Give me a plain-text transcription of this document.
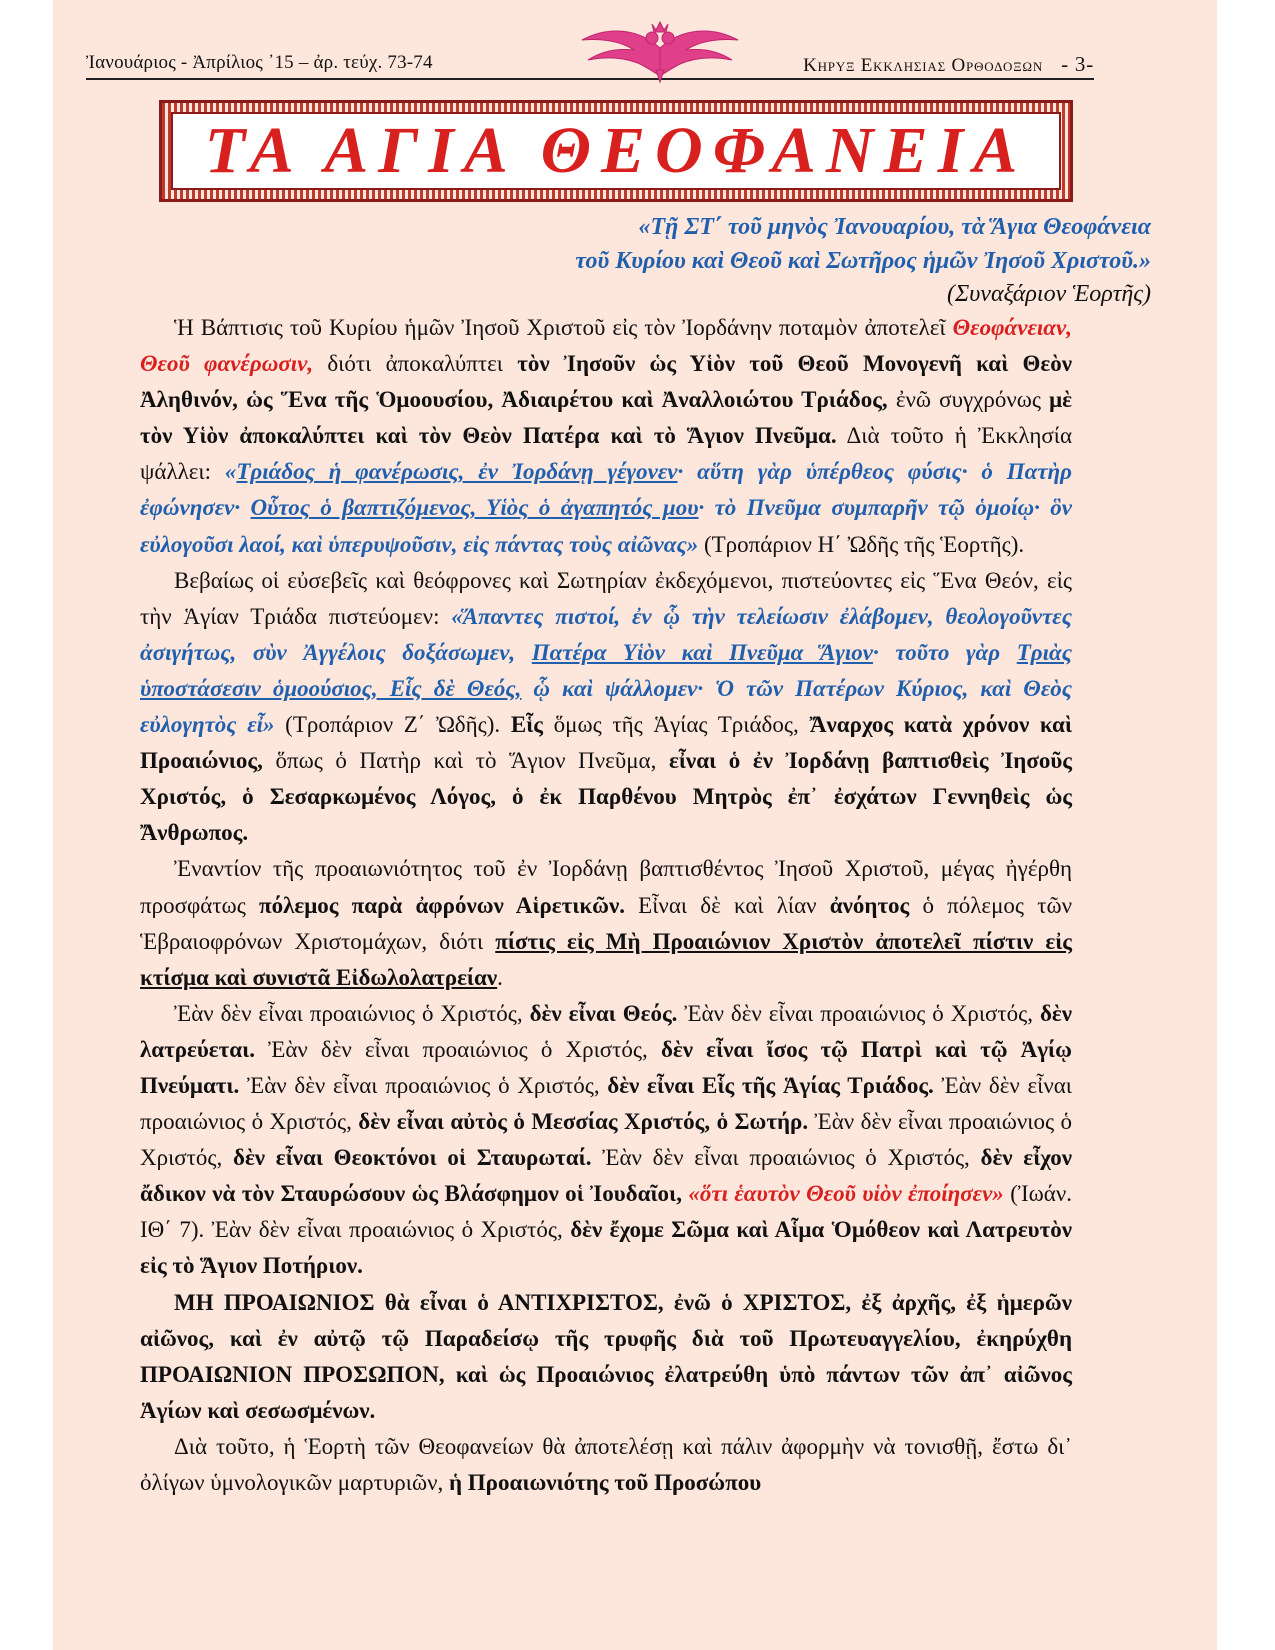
Ἰανουάριος - Ἀπρίλιος ᾿15 – ἀρ. τεύχ. 73-74	Κηρυξ Εκκλησιας Ορθοδοξων - 3-
ΤΑ ΑΓΙΑ ΘΕΟΦΑΝΕΙΑ
«Τῇ ΣΤ΄ τοῦ μηνὸς Ἰανουαρίου, τὰ Ἅγια Θεοφάνεια
τοῦ Κυρίου καὶ Θεοῦ καὶ Σωτῆρος ἡμῶν Ἰησοῦ Χριστοῦ.»
(Συναξάριον Ἑορτῆς)

Ἡ Βάπτισις τοῦ Κυρίου ἡμῶν Ἰησοῦ Χριστοῦ εἰς τὸν Ἰορδάνην ποταμὸν ἀποτελεῖ Θεοφάνειαν, Θεοῦ φανέρωσιν, διότι ἀποκαλύπτει τὸν Ἰησοῦν ὡς Υἱὸν τοῦ Θεοῦ Μονογενῆ καὶ Θεὸν Ἀληθινόν, ὡς Ἕνα τῆς Ὁμοουσίου, Ἀδιαιρέτου καὶ Ἀναλλοιώτου Τριάδος, ἐνῶ συγχρόνως μὲ τὸν Υἱὸν ἀποκαλύπτει καὶ τὸν Θεὸν Πατέρα καὶ τὸ Ἅγιον Πνεῦμα. Διὰ τοῦτο ἡ Ἐκκλησία ψάλλει: «Τριάδος ἡ φανέρωσις, ἐν Ἰορδάνῃ γέγονεν· αὕτη γὰρ ὑπέρθεος φύσις· ὁ Πατὴρ ἐφώνησεν· Οὗτος ὁ βαπτιζόμενος, Υἱὸς ὁ ἀγαπητός μου· τὸ Πνεῦμα συμπαρῆν τῷ ὁμοίῳ· ὃν εὐλογοῦσι λαοί, καὶ ὑπερυψοῦσιν, εἰς πάντας τοὺς αἰῶνας» (Τροπάριον Η΄ Ὠδῆς τῆς Ἑορτῆς).

Βεβαίως οἱ εὐσεβεῖς καὶ θεόφρονες καὶ Σωτηρίαν ἐκδεχόμενοι, πιστεύοντες εἰς Ἕνα Θεόν, εἰς τὴν Ἁγίαν Τριάδα πιστεύομεν: «Ἅπαντες πιστοί, ἐν ᾧ τὴν τελείωσιν ἐλάβομεν, θεολογοῦντες ἀσιγήτως, σὺν Ἀγγέλοις δοξάσωμεν, Πατέρα Υἱὸν καὶ Πνεῦμα Ἅγιον· τοῦτο γὰρ Τριὰς ὑποστάσεσιν ὁμοούσιος, Εἷς δὲ Θεός, ᾧ καὶ ψάλλομεν· Ὁ τῶν Πατέρων Κύριος, καὶ Θεὸς εὐλογητὸς εἶ» (Τροπάριον Ζ΄ Ὠδῆς). Εἷς ὅμως τῆς Ἁγίας Τριάδος, Ἄναρχος κατὰ χρόνον καὶ Προαιώνιος, ὅπως ὁ Πατὴρ καὶ τὸ Ἅγιον Πνεῦμα, εἶναι ὁ ἐν Ἰορδάνῃ βαπτισθεὶς Ἰησοῦς Χριστός, ὁ Σεσαρκωμένος Λόγος, ὁ ἐκ Παρθένου Μητρὸς ἐπ᾿ ἐσχάτων Γεννηθεὶς ὡς Ἄνθρωπος.

Ἐναντίον τῆς προαιωνιότητος τοῦ ἐν Ἰορδάνῃ βαπτισθέντος Ἰησοῦ Χριστοῦ, μέγας ἠγέρθη προσφάτως πόλεμος παρὰ ἀφρόνων Αἱρετικῶν. Εἶναι δὲ καὶ λίαν ἀνόητος ὁ πόλεμος τῶν Ἑβραιοφρόνων Χριστομάχων, διότι πίστις εἰς Μὴ Προαιώνιον Χριστὸν ἀποτελεῖ πίστιν εἰς κτίσμα καὶ συνιστᾶ Εἰδωλολατρείαν.

Ἐὰν δὲν εἶναι προαιώνιος ὁ Χριστός, δὲν εἶναι Θεός. Ἐὰν δὲν εἶναι προαιώνιος ὁ Χριστός, δὲν λατρεύεται. Ἐὰν δὲν εἶναι προαιώνιος ὁ Χριστός, δὲν εἶναι ἴσος τῷ Πατρὶ καὶ τῷ Ἁγίῳ Πνεύματι. Ἐὰν δὲν εἶναι προαιώνιος ὁ Χριστός, δὲν εἶναι Εἷς τῆς Ἁγίας Τριάδος. Ἐὰν δὲν εἶναι προαιώνιος ὁ Χριστός, δὲν εἶναι αὐτὸς ὁ Μεσσίας Χριστός, ὁ Σωτήρ. Ἐὰν δὲν εἶναι προαιώνιος ὁ Χριστός, δὲν εἶναι Θεοκτόνοι οἱ Σταυρωταί. Ἐὰν δὲν εἶναι προαιώνιος ὁ Χριστός, δὲν εἶχον ἄδικον νὰ τὸν Σταυρώσουν ὡς Βλάσφημον οἱ Ἰουδαῖοι, «ὅτι ἑαυτὸν Θεοῦ υἱὸν ἐποίησεν» (Ἰωάν. ΙΘ΄ 7). Ἐὰν δὲν εἶναι προαιώνιος ὁ Χριστός, δὲν ἔχομε Σῶμα καὶ Αἷμα Ὁμόθεον καὶ Λατρευτὸν εἰς τὸ Ἅγιον Ποτήριον.

ΜΗ ΠΡΟΑΙΩΝΙΟΣ θὰ εἶναι ὁ ΑΝΤΙΧΡΙΣΤΟΣ, ἐνῶ ὁ ΧΡΙΣΤΟΣ, ἐξ ἀρχῆς, ἐξ ἡμερῶν αἰῶνος, καὶ ἐν αὐτῷ τῷ Παραδείσῳ τῆς τρυφῆς διὰ τοῦ Πρωτευαγγελίου, ἐκηρύχθη ΠΡΟΑΙΩΝΙΟΝ ΠΡΟΣΩΠΟΝ, καὶ ὡς Προαιώνιος ἐλατρεύθη ὑπὸ πάντων τῶν ἀπ᾿ αἰῶνος Ἁγίων καὶ σεσωσμένων.

Διὰ τοῦτο, ἡ Ἑορτὴ τῶν Θεοφανείων θὰ ἀποτελέσῃ καὶ πάλιν ἀφορμὴν νὰ τονισθῇ, ἔστω δι᾿ ὀλίγων ὑμνολογικῶν μαρτυριῶν, ἡ Προαιωνιότης τοῦ Προσώπου
